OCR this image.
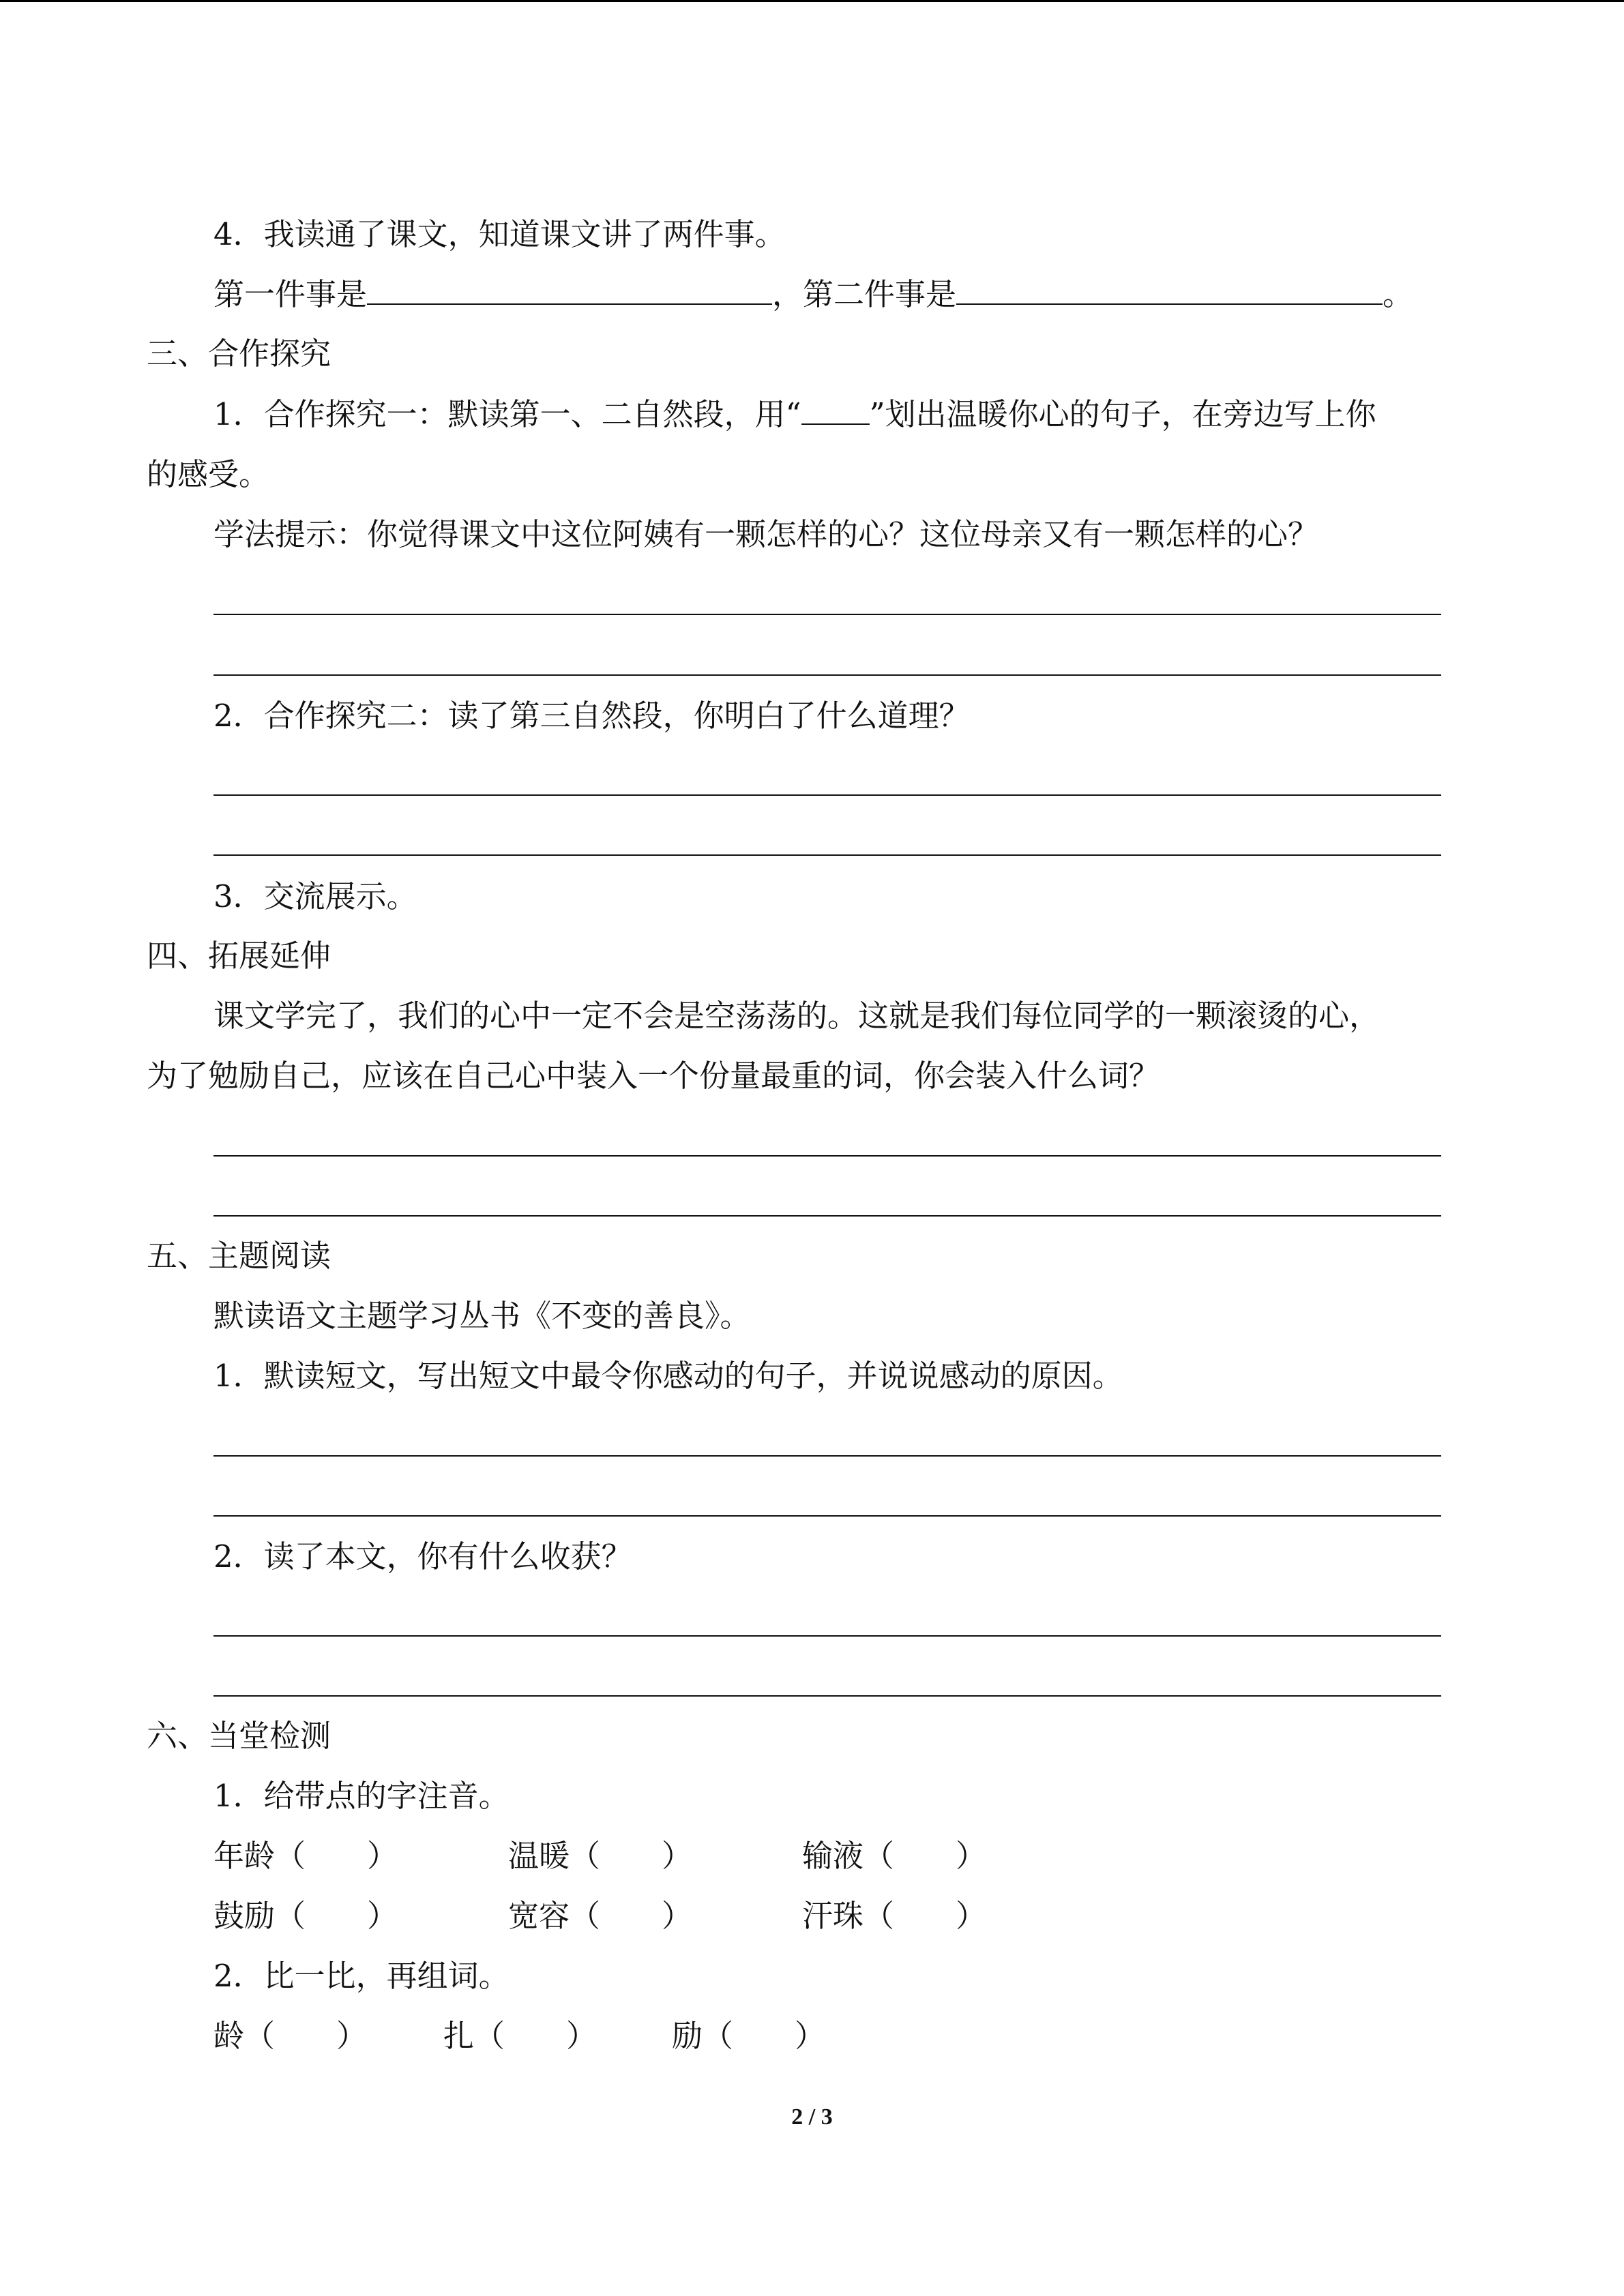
4．我读通了课文，知道课文讲了两件事。
第一件事是	，第二件事是	。
三、合作探究
1．合作探究一：默读第一、二自然段，用“ ”划出温暖你心的句子，在旁边写上你
的感受。
学法提示：你觉得课文中这位阿姨有一颗怎样的心？这位母亲又有一颗怎样的心？
2．合作探究二：读了第三自然段，你明白了什么道理？
3．交流展示。
四、拓展延伸
课文学完了，我们的心中一定不会是空荡荡的。这就是我们每位同学的一颗滚烫的心，
为了勉励自己，应该在自己心中装入一个份量最重的词，你会装入什么词？
五、主题阅读
默读语文主题学习丛书《不变的善良》。
1．默读短文，写出短文中最令你感动的句子，并说说感动的原因。
2．读了本文，你有什么收获？
六、当堂检测
1．给带点的字注音。
年龄（　　）	温暖（　　）	输液（　　）
鼓励（　　）	宽容（　　）	汗珠（　　）
2．比一比，再组词。
龄（　　） 扎（　　） 励（　　）
2 / 3
